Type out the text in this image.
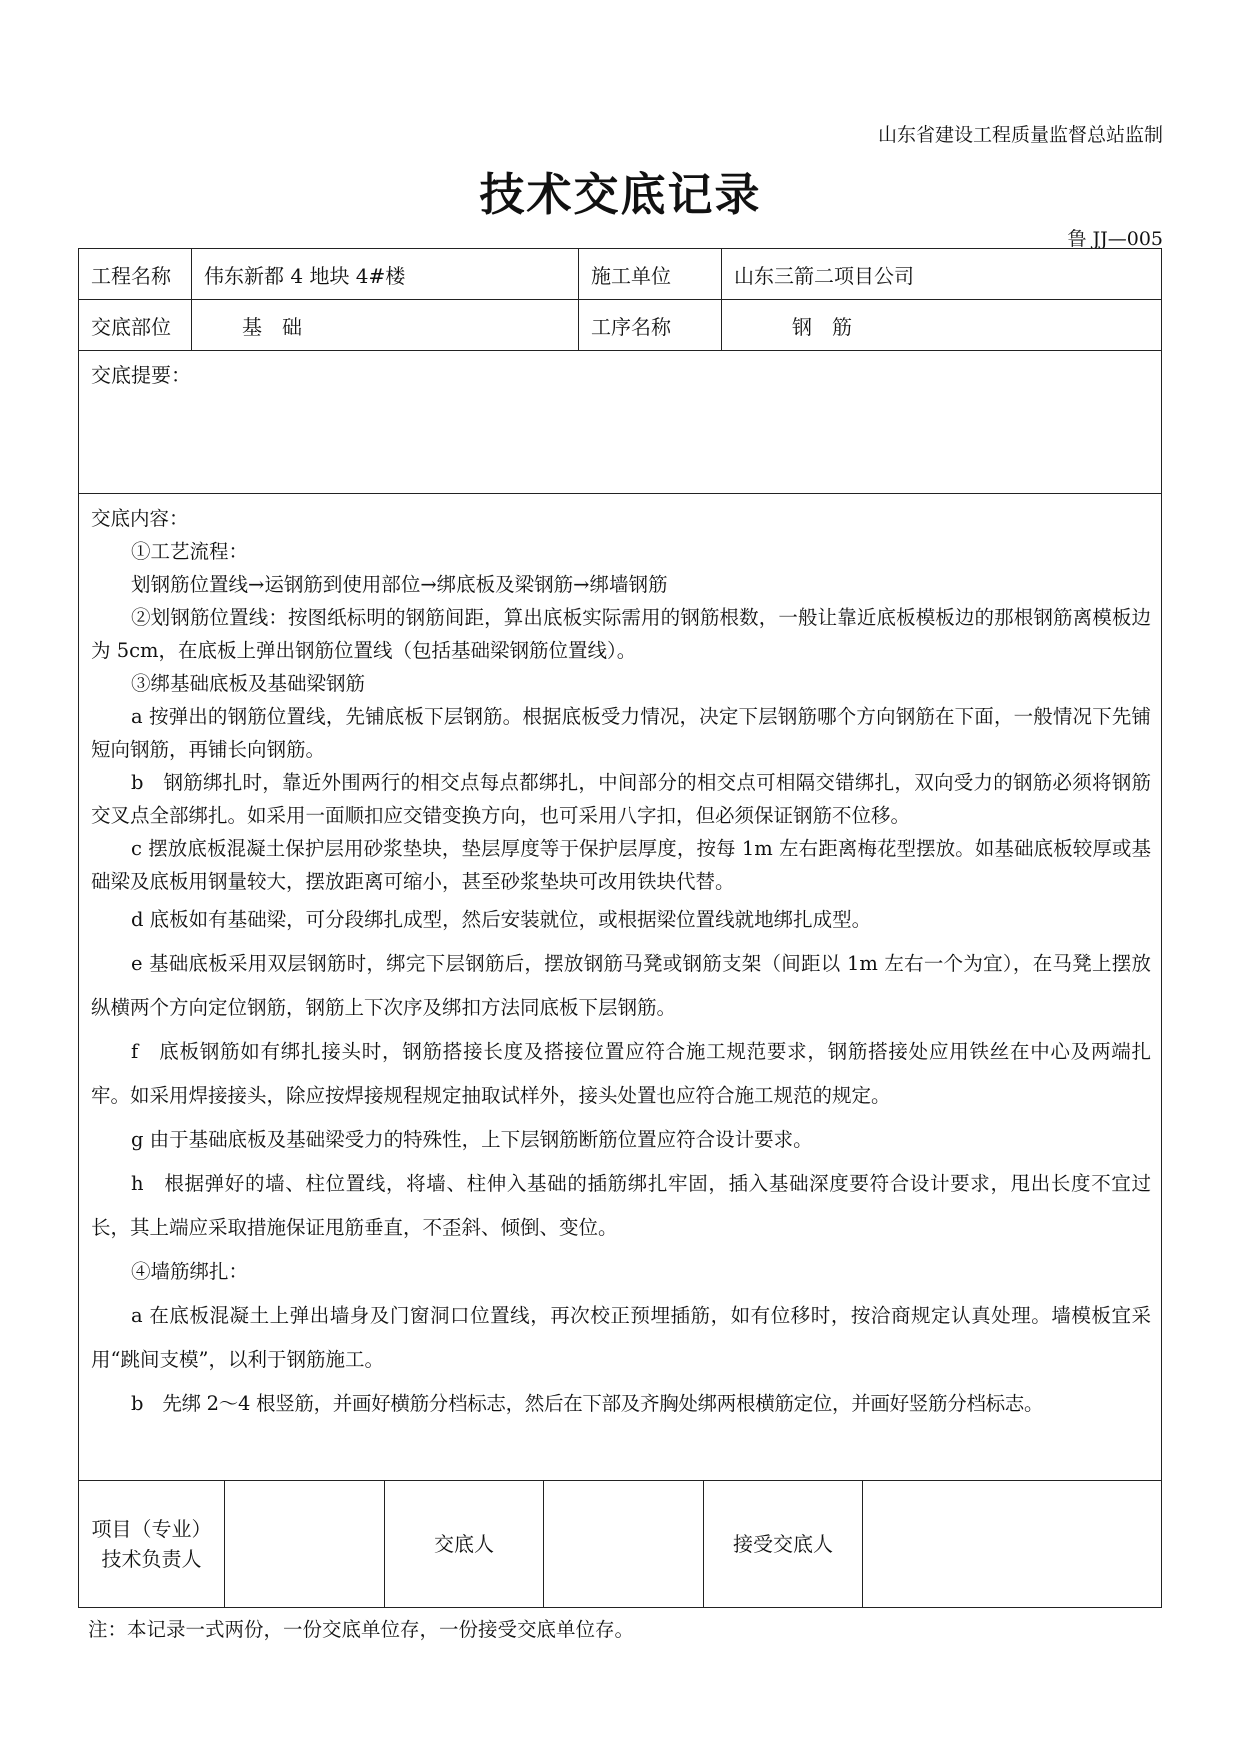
山东省建设工程质量监督总站监制
技术交底记录
鲁 JJ—005
工程名称	伟东新都 4 地块 4#楼	施工单位	山东三箭二项目公司
交底部位	基　础	工序名称	钢　筋
交底提要：

交底内容：

①工艺流程：

划钢筋位置线→运钢筋到使用部位→绑底板及梁钢筋→绑墙钢筋

②划钢筋位置线：按图纸标明的钢筋间距，算出底板实际需用的钢筋根数，一般让靠近底板模板边的那根钢筋离模板边为 5cm，在底板上弹出钢筋位置线（包括基础梁钢筋位置线）。

③绑基础底板及基础梁钢筋

a 按弹出的钢筋位置线，先铺底板下层钢筋。根据底板受力情况，决定下层钢筋哪个方向钢筋在下面，一般情况下先铺短向钢筋，再铺长向钢筋。

b　钢筋绑扎时，靠近外围两行的相交点每点都绑扎，中间部分的相交点可相隔交错绑扎，双向受力的钢筋必须将钢筋交叉点全部绑扎。如采用一面顺扣应交错变换方向，也可采用八字扣，但必须保证钢筋不位移。

c 摆放底板混凝土保护层用砂浆垫块，垫层厚度等于保护层厚度，按每 1m 左右距离梅花型摆放。如基础底板较厚或基础梁及底板用钢量较大，摆放距离可缩小，甚至砂浆垫块可改用铁块代替。

d 底板如有基础梁，可分段绑扎成型，然后安装就位，或根据梁位置线就地绑扎成型。

e 基础底板采用双层钢筋时，绑完下层钢筋后，摆放钢筋马凳或钢筋支架（间距以 1m 左右一个为宜），在马凳上摆放纵横两个方向定位钢筋，钢筋上下次序及绑扣方法同底板下层钢筋。

f　底板钢筋如有绑扎接头时，钢筋搭接长度及搭接位置应符合施工规范要求，钢筋搭接处应用铁丝在中心及两端扎牢。如采用焊接接头，除应按焊接规程规定抽取试样外，接头处置也应符合施工规范的规定。

g 由于基础底板及基础梁受力的特殊性，上下层钢筋断筋位置应符合设计要求。

h　根据弹好的墙、柱位置线，将墙、柱伸入基础的插筋绑扎牢固，插入基础深度要符合设计要求，甩出长度不宜过长，其上端应采取措施保证甩筋垂直，不歪斜、倾倒、变位。

④墙筋绑扎：

a 在底板混凝土上弹出墙身及门窗洞口位置线，再次校正预埋插筋，如有位移时，按洽商规定认真处理。墙模板宜采用“跳间支模”，以利于钢筋施工。

b　先绑 2～4 根竖筋，并画好横筋分档标志，然后在下部及齐胸处绑两根横筋定位，并画好竖筋分档标志。

项目（专业）
技术负责人
交底人	接受交底人
注：本记录一式两份，一份交底单位存，一份接受交底单位存。
